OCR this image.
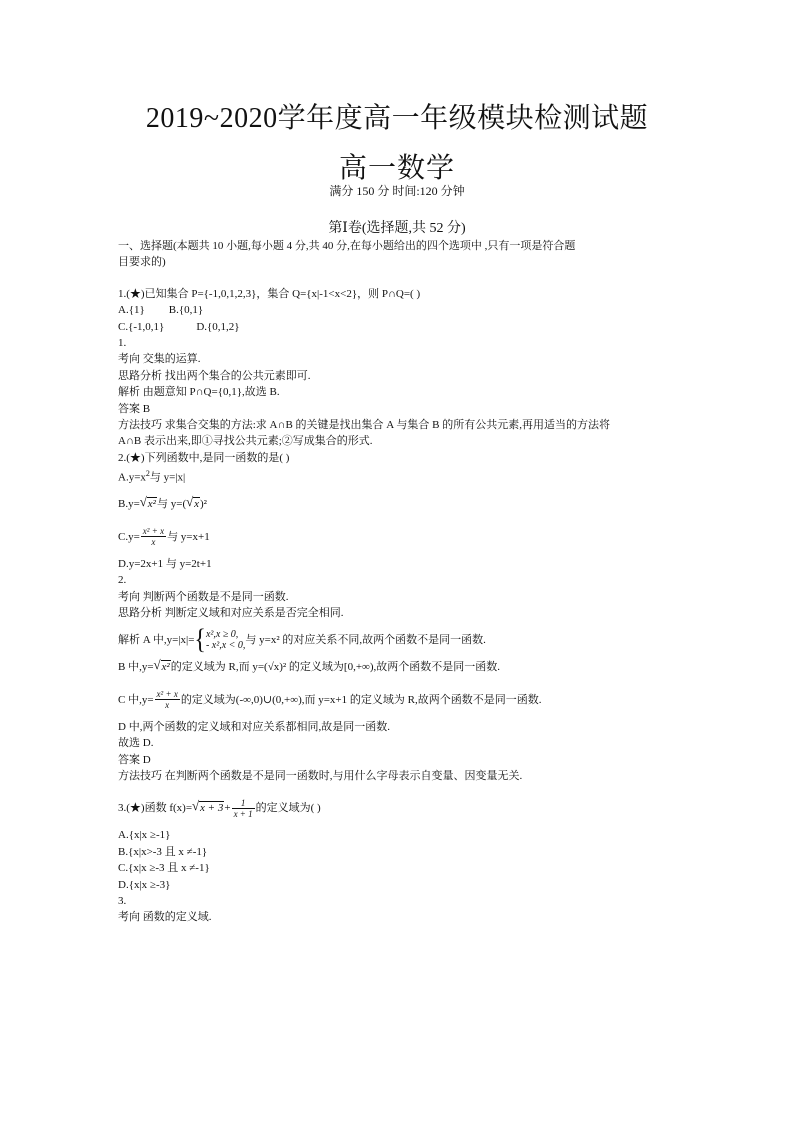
2019~2020学年度高一年级模块检测试题
高一数学
满分 150 分 时间:120 分钟
第Ⅰ卷(选择题,共 52 分)
一、选择题(本题共 10 小题,每小题 4 分,共 40 分,在每小题给出的四个选项中 ,只有一项是符合题
目要求的)
1.(★)已知集合 P={-1,0,1,2,3}，集合 Q={x|-1<x<2}，则 P∩Q=( )
A.{1} B.{0,1}
C.{-1,0,1}	D.{0,1,2}
1.
考向 交集的运算.
思路分析 找出两个集合的公共元素即可.
解析 由题意知 P∩Q={0,1},故选 B.
答案 B
方法技巧 求集合交集的方法:求 A∩B 的关键是找出集合 A 与集合 B 的所有公共元素,再用适当的方法将
A∩B 表示出来,即①寻找公共元素;②写成集合的形式.
2.(★)下列函数中,是同一函数的是( )
$A.y=x^2$与 y=|x|
B.y= √ x²与 y=( √ x)²
$C.y= \frac{\text{x² + x}}{x}$ 与 y=x+1
D.y=2x+1 与 y=2t+1
2.
考向 判断两个函数是不是同一函数.
思路分析 判断定义域和对应关系是否完全相同.
解析 A 中,y=|x|= { x²,x ≥ 0,
- x²,x < 0, 与 y=x² 的对应关系不同,故两个函数不是同一函数.
B 中,y= √ x²的定义域为 R,而 y=(√x)² 的定义域为[0,+∞),故两个函数不是同一函数.
C 中$,y= \frac{\text{x² + x}}{x}$ 的定义域为(-∞,0)∪(0,+∞),而 y=x+1 的定义域为 R,故两个函数不是同一函数.
D 中,两个函数的定义域和对应关系都相同,故是同一函数.
故选 D.
答案 D
方法技巧 在判断两个函数是不是同一函数时,与用什么字母表示自变量、因变量无关.
3.(★)函数 f(x)= √ $x + 3 + \frac{1}{x + 1}$ 的定义域为( )
A.{x|x ≥-1}
B.{x|x>-3 且 x ≠-1}
C.{x|x ≥-3 且 x ≠-1}
D.{x|x ≥-3}
3.
考向 函数的定义域.
